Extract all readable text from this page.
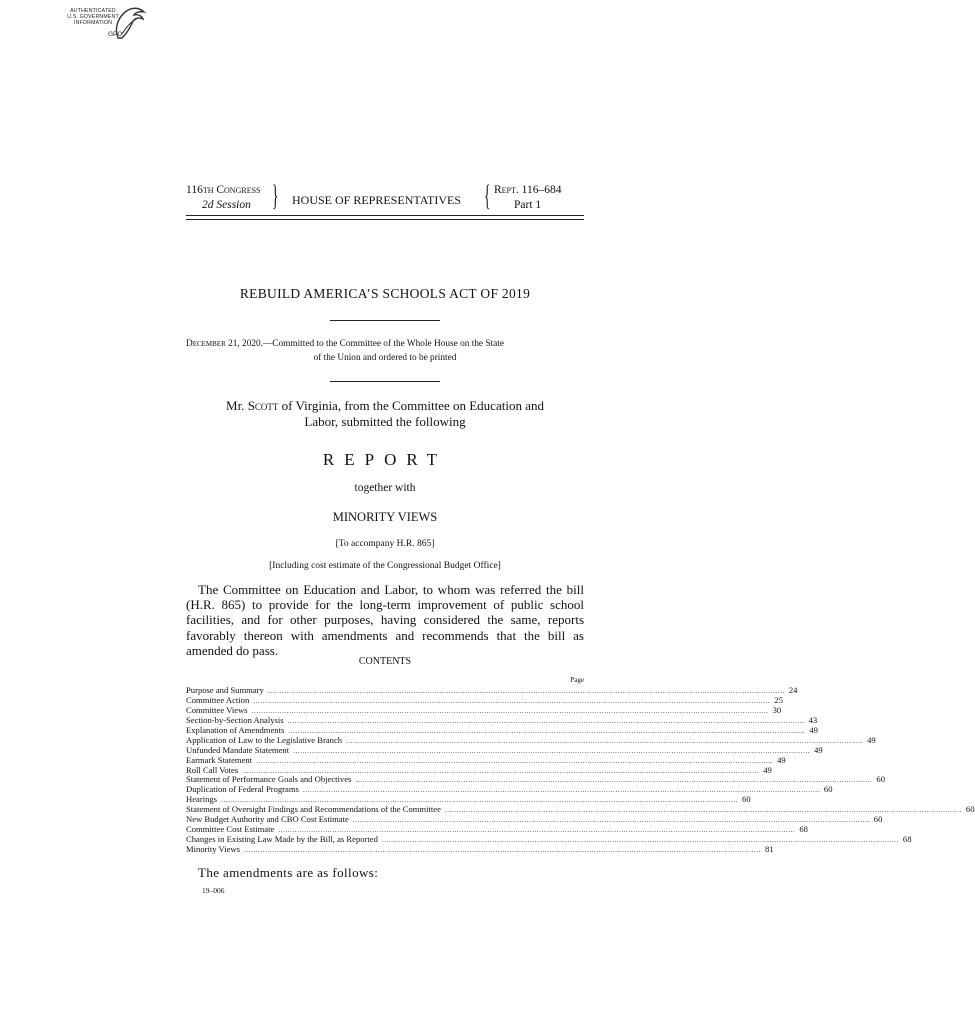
AUTHENTICATED
U.S. GOVERNMENT
INFORMATION
GPO
116th Congress
2d Session } HOUSE OF REPRESENTATIVES { Rept. 116–684
Part 1
REBUILD AMERICA’S SCHOOLS ACT OF 2019
December 21, 2020.—Committed to the Committee of the Whole House on the State
of the Union and ordered to be printed
Mr. Scott of Virginia, from the Committee on Education and
Labor, submitted the following
REPORT
together with
MINORITY VIEWS
[To accompany H.R. 865]
[Including cost estimate of the Congressional Budget Office]
The Committee on Education and Labor, to whom was referred the bill (H.R. 865) to provide for the long-term improvement of public school facilities, and for other purposes, having considered the same, reports favorably thereon with amendments and recommends that the bill as amended do pass.
CONTENTS
Page
Purpose and Summary ............................................................................................................................................................................................................................ 24
Committee Action ............................................................................................................................................................................................................................ 25
Committee Views ............................................................................................................................................................................................................................ 30
Section-by-Section Analysis ............................................................................................................................................................................................................................ 43
Explanation of Amendments ............................................................................................................................................................................................................................ 49
Application of Law to the Legislative Branch ............................................................................................................................................................................................................................ 49
Unfunded Mandate Statement ............................................................................................................................................................................................................................ 49
Earmark Statement ............................................................................................................................................................................................................................ 49
Roll Call Votes ............................................................................................................................................................................................................................ 49
Statement of Performance Goals and Objectives ............................................................................................................................................................................................................................ 60
Duplication of Federal Programs ............................................................................................................................................................................................................................ 60
Hearings ............................................................................................................................................................................................................................ 60
Statement of Oversight Findings and Recommendations of the Committee ............................................................................................................................................................................................................................ 60
New Budget Authority and CBO Cost Estimate ............................................................................................................................................................................................................................ 60
Committee Cost Estimate ............................................................................................................................................................................................................................ 68
Changes in Existing Law Made by the Bill, as Reported ............................................................................................................................................................................................................................ 68
Minority Views ............................................................................................................................................................................................................................ 81
The amendments are as follows:
19–006
